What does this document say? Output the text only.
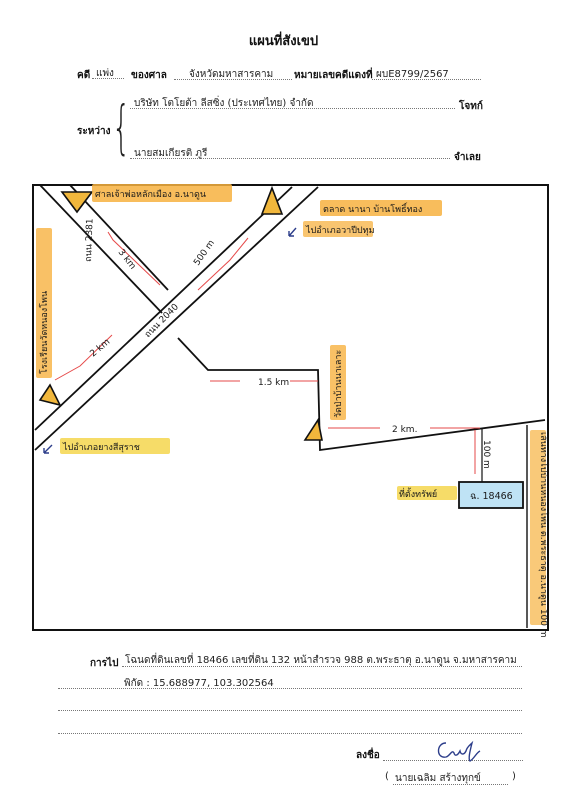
แผนที่สังเขป
คดี แพ่ง ของศาล จังหวัดมหาสารคาม หมายเลขคดีแดงที่ ผบE8799/2567
บริษัท โตโยต้า ลีสซิ่ง (ประเทศไทย) จำกัด	โจทก์
ระหว่าง { นายสมเกียรติ ภูรี	จำเลย
ศาลเจ้าพ่อหลักเมือง อ.นาดูน
ถนน 2381 3 km	500 m
ตลาด นานา บ้านโพธิ์ทอง
ไปอำเภอวาปีปทุม
ถนน 2040
โรงเรียนวัดหนองโพน	2 km
ไปอำเภอยางสีสุราช
1.5 km	วัดป่าบ้านนาเลาะ
2 km.
100 m
ที่ตั้งทรัพย์	ฉ. 18466	เส้นทางไปบ้านหนองโพน ต.พระธาตุ อ.นาดูน 100 m
การไป โฉนดที่ดินเลขที่ 18466 เลขที่ดิน 132 หน้าสำรวจ 988 ต.พระธาตุ อ.นาดูน จ.มหาสารคาม
พิกัด : 15.688977, 103.302564
ลงชื่อ
( นายเฉลิม สร้างทุกข์	)
